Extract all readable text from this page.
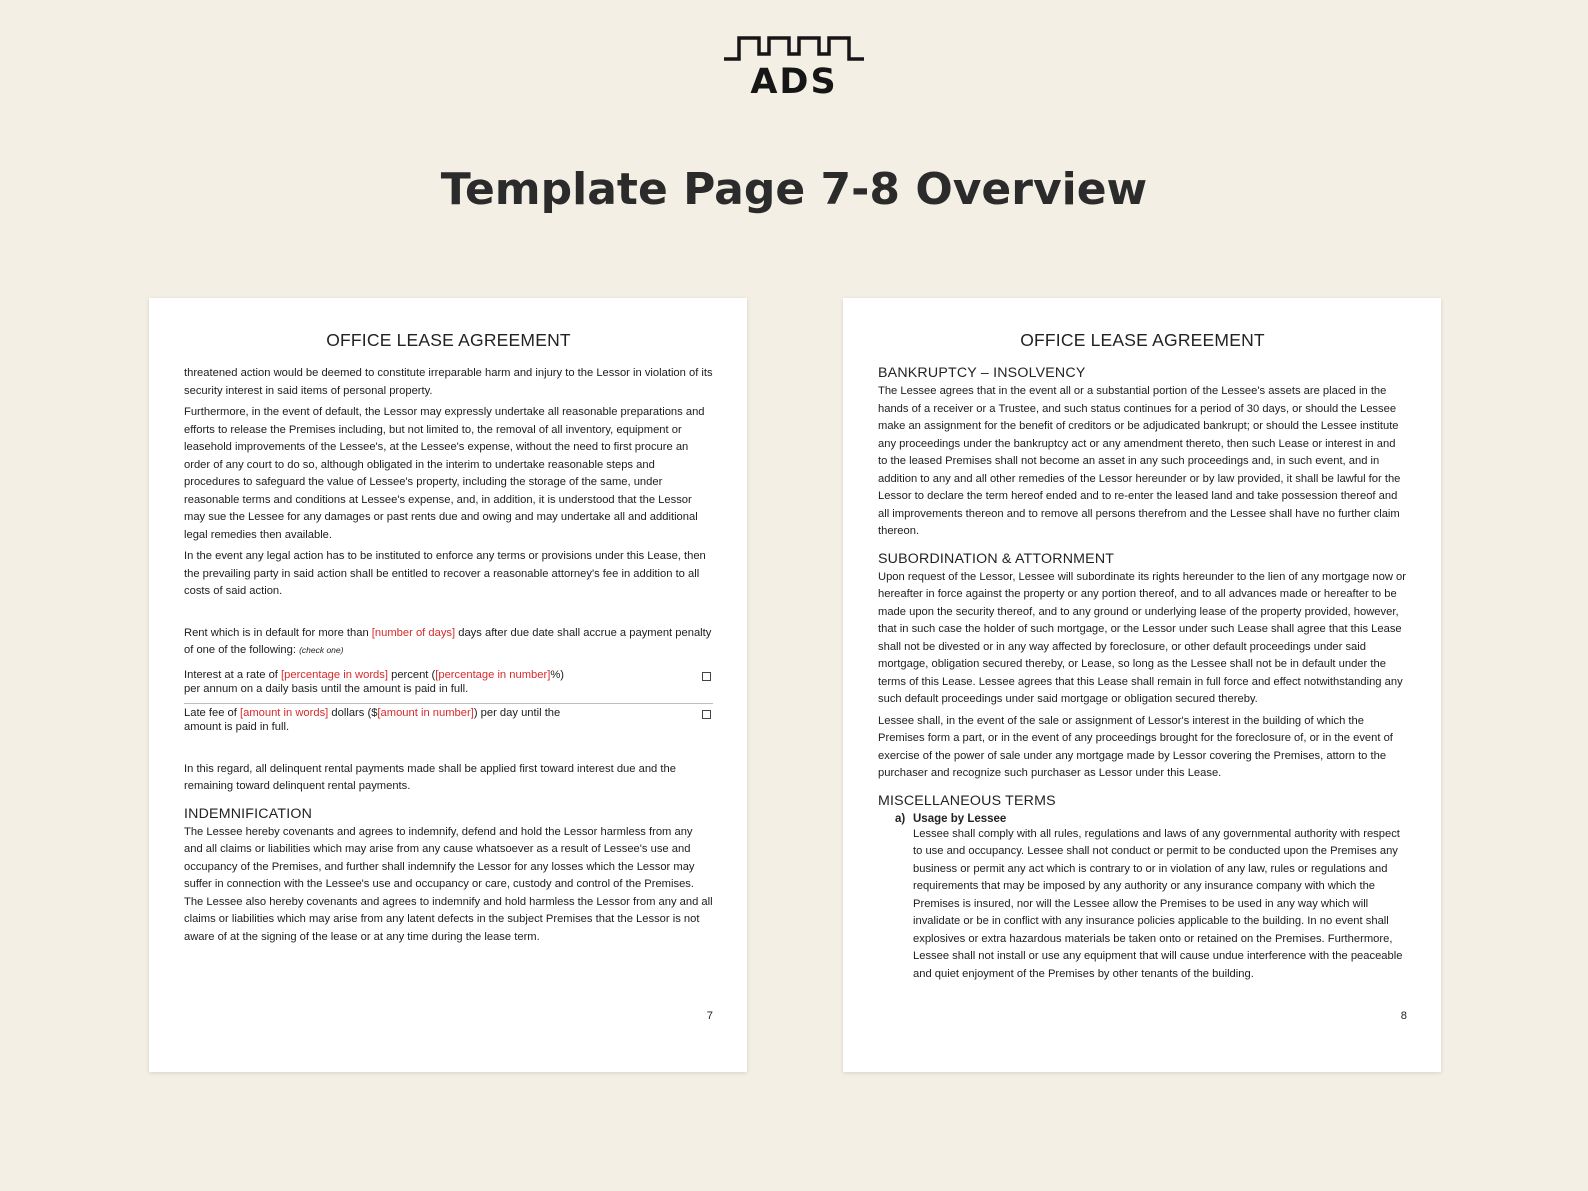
ADS
Template Page 7-8 Overview
OFFICE LEASE AGREEMENT

threatened action would be deemed to constitute irreparable harm and injury to the Lessor in violation of its security interest in said items of personal property.

Furthermore, in the event of default, the Lessor may expressly undertake all reasonable preparations and efforts to release the Premises including, but not limited to, the removal of all inventory, equipment or leasehold improvements of the Lessee's, at the Lessee's expense, without the need to first procure an order of any court to do so, although obligated in the interim to undertake reasonable steps and procedures to safeguard the value of Lessee's property, including the storage of the same, under reasonable terms and conditions at Lessee's expense, and, in addition, it is understood that the Lessor may sue the Lessee for any damages or past rents due and owing and may undertake all and additional legal remedies then available.

In the event any legal action has to be instituted to enforce any terms or provisions under this Lease, then the prevailing party in said action shall be entitled to recover a reasonable attorney's fee in addition to all costs of said action.

Rent which is in default for more than [number of days] days after due date shall accrue a payment penalty of one of the following: (check one)

Interest at a rate of [percentage in words] percent ([percentage in number]%) per annum on a daily basis until the amount is paid in full.
Late fee of [amount in words] dollars ($[amount in number]) per day until the amount is paid in full.

In this regard, all delinquent rental payments made shall be applied first toward interest due and the remaining toward delinquent rental payments.

INDEMNIFICATION

The Lessee hereby covenants and agrees to indemnify, defend and hold the Lessor harmless from any and all claims or liabilities which may arise from any cause whatsoever as a result of Lessee's use and occupancy of the Premises, and further shall indemnify the Lessor for any losses which the Lessor may suffer in connection with the Lessee's use and occupancy or care, custody and control of the Premises. The Lessee also hereby covenants and agrees to indemnify and hold harmless the Lessor from any and all claims or liabilities which may arise from any latent defects in the subject Premises that the Lessor is not aware of at the signing of the lease or at any time during the lease term.

7
OFFICE LEASE AGREEMENT
BANKRUPTCY – INSOLVENCY

The Lessee agrees that in the event all or a substantial portion of the Lessee's assets are placed in the hands of a receiver or a Trustee, and such status continues for a period of 30 days, or should the Lessee make an assignment for the benefit of creditors or be adjudicated bankrupt; or should the Lessee institute any proceedings under the bankruptcy act or any amendment thereto, then such Lease or interest in and to the leased Premises shall not become an asset in any such proceedings and, in such event, and in addition to any and all other remedies of the Lessor hereunder or by law provided, it shall be lawful for the Lessor to declare the term hereof ended and to re-enter the leased land and take possession thereof and all improvements thereon and to remove all persons therefrom and the Lessee shall have no further claim thereon.

SUBORDINATION & ATTORNMENT

Upon request of the Lessor, Lessee will subordinate its rights hereunder to the lien of any mortgage now or hereafter in force against the property or any portion thereof, and to all advances made or hereafter to be made upon the security thereof, and to any ground or underlying lease of the property provided, however, that in such case the holder of such mortgage, or the Lessor under such Lease shall agree that this Lease shall not be divested or in any way affected by foreclosure, or other default proceedings under said mortgage, obligation secured thereby, or Lease, so long as the Lessee shall not be in default under the terms of this Lease. Lessee agrees that this Lease shall remain in full force and effect notwithstanding any such default proceedings under said mortgage or obligation secured thereby.

Lessee shall, in the event of the sale or assignment of Lessor's interest in the building of which the Premises form a part, or in the event of any proceedings brought for the foreclosure of, or in the event of exercise of the power of sale under any mortgage made by Lessor covering the Premises, attorn to the purchaser and recognize such purchaser as Lessor under this Lease.

MISCELLANEOUS TERMS
a) Usage by Lessee

Lessee shall comply with all rules, regulations and laws of any governmental authority with respect to use and occupancy. Lessee shall not conduct or permit to be conducted upon the Premises any business or permit any act which is contrary to or in violation of any law, rules or regulations and requirements that may be imposed by any authority or any insurance company with which the Premises is insured, nor will the Lessee allow the Premises to be used in any way which will invalidate or be in conflict with any insurance policies applicable to the building. In no event shall explosives or extra hazardous materials be taken onto or retained on the Premises. Furthermore, Lessee shall not install or use any equipment that will cause undue interference with the peaceable and quiet enjoyment of the Premises by other tenants of the building.

8
